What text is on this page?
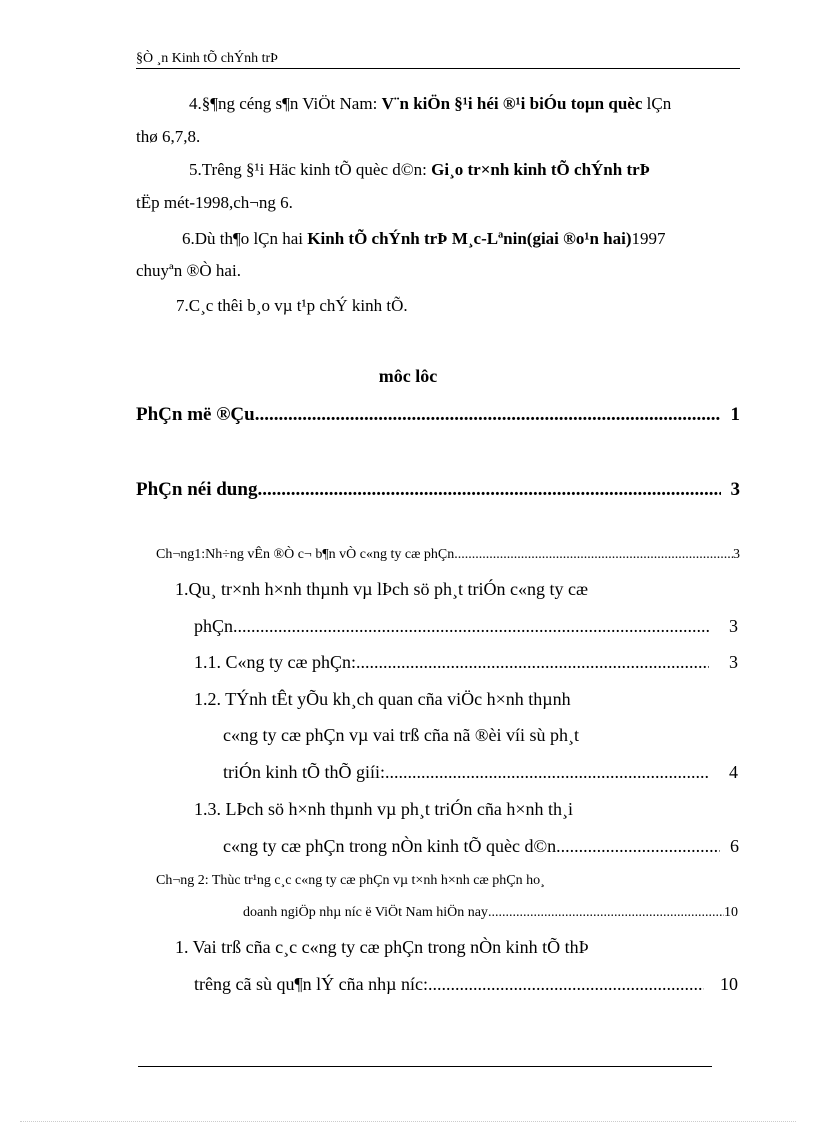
§Ò ¸n Kinh tÕ chÝnh trÞ
4.§¶ng céng s¶n ViÖt Nam: V¨n kiÖn §¹i héi ®¹i biÓu toµn quèc lÇn
thø 6,7,8.
5.Trêng §¹i Häc kinh tÕ quèc d©n: Gi¸o tr×nh kinh tÕ chÝnh trÞ
tËp mét-1998,ch¬ng 6.
6.Dù th¶o lÇn hai Kinh tÕ chÝnh trÞ M¸c-Lªnin(giai ®o¹n hai)1997
chuyªn ®Ò hai.
7.C¸c thêi b¸o vµ t¹p chÝ kinh tÕ.
môc lôc
PhÇn më ®Çu .....	1
PhÇn néi dung .....	3
Ch¬ng1:Nh÷ng vÊn ®Ò c¬ b¶n vÒ c«ng ty cæ phÇn .....	3
1.Qu¸ tr×nh h×nh thµnh vµ lÞch sö ph¸t triÓn c«ng ty cæ
phÇn. .....	3
1.1. C«ng ty cæ phÇn: .....	3
1.2. TÝnh tÊt yÕu kh¸ch quan cña viÖc h×nh thµnh
c«ng ty cæ phÇn vµ vai trß cña nã ®èi víi sù ph¸t
triÓn kinh tÕ thÕ giíi: .....	4
1.3. LÞch sö h×nh thµnh vµ ph¸t triÓn cña h×nh th¸i
c«ng ty cæ phÇn trong nÒn kinh tÕ quèc d©n. .....	6
Ch¬ng 2: Thùc tr¹ng c¸c c«ng ty cæ phÇn vµ t×nh h×nh cæ phÇn ho¸
doanh ngiÖp nhµ níc ë ViÖt Nam hiÖn nay .....	10
1. Vai trß cña c¸c c«ng ty cæ phÇn trong nÒn kinh tÕ thÞ
trêng cã sù qu¶n lÝ cña nhµ níc: .....	10
